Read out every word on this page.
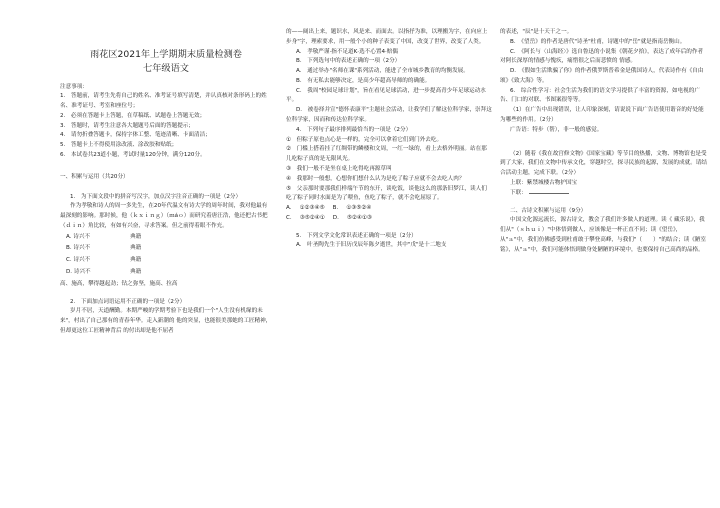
雨花区2021年上学期期末质量检测卷
七年级语文

注意事项：

1.　答题前，请考生先将自己的姓名、准考证号填写清楚，并认真核对条形码上的姓名、准考证号、考室和座位号；

2.　必须在答题卡上答题，在草稿纸、试题卷上答题无效；

3.　答题时，请考生注意各大题题号后面的答题提示；

4.　请勿折叠答题卡，保持字体工整、笔迹清晰、卡面清洁；

5.　答题卡上不得使用涂改液、涂改胶和贴纸；

6.　本试卷共23道小题，考试时量120分钟，满分120分。

一、积累与运用（共20分）

1.　为下面文段中的拼音写汉字，加点汉字注音正确的一项是（2分）

作为孝敬和诗人的周一多先生，在20年代温文有诗大学的周年时间，我对他最有最深刻的影响。那时候，他（ｋｘｉｎｇ）（ｍáｏ）而研究着唐汪浩，他还把古书把（ｄｉｎ）角比较，有如有兴奋，寻求答案。但之前得着眼不作充。

A. 诗兴不	典籍
B. 诗兴不	典籍
C. 诗兴不	典籍
D. 诗兴不	典籍

高、施高，攀得越起劲；钻之弥坚，施高、拉高

2.　下面加点词语运用不正确的一项是（2分）

岁月不居，天道酬勤。本期严峻的学期考验下也是我们一个"人生没有机缘的未来"，村出了自己那有的青春年华。走入新潮的 他的突显，也能很美那她的工匠精神，但却更这位工匠精神背后 的付出却是他不屈者

的——阔出上来，题识水，风是来、而面去。以指抒为准，以理搬为字，在向应上步身"字，理索要求，用一般个小的种子表变了中国，改变了世界，改变了人类。

A.　孝敬严谨·指不足道K·选不心置4·赔偶

B.　下列选句中的表述正确的一项（2分）

A.　通过举办"名师在课"系列活动，能进了全市城乡教育的均衡发展。

B.　有无私去能够决定，是高少年超高导师的的确能。

C.　我周"校园足球计划"，旨在看见足球活动，进一步提高青少年足球运动水平。

D.　被卷择并宣"德怀表康平"主题社会活动，让我学们了解这位科学家，崇拜这位科学家，因而和传达位科学家。

4.　下列句子最序排列最恰当的一项是（2分）

①　但粽子原也点心是一样的，完全可以拿着它们到门外去吃。

②　门槛上搭着挂了红绸带的鳞楼和文周，一红一绿的，看上去格外明丽。站在那儿吃粽子真的是无限风光。

③　我们一般不是坐在桌上吃得吃再源草叫

④　我那时一般想，心想你们想什么认为是吃了粽子应就不会去吃人肉？

⑤　父亲那时要那我们样端午节的东开，谈吃饭，谈他这么的那条旧梦江，读人们吃了粽子同时水面是为了喂鱼，鱼吃了粽子，就不会吃屈原了。

A. ①②③④⑤ B. ①③⑤②④
C. ③⑤②④① D. ⑤②④①③

5.　下列文学文化常识表述正确的一项是（2分）

A.　叶圣陶先生于旧历戊辰年陈夕逝世，其中"戊"是十二地支

的表述，"辰"是十天干之一。

B.　《望岳》的作者是唐代"诗圣"杜甫，诗题中的"岳"就是指南岳衡山。

C.　《阿长与〈山海经〉》选自鲁迅的小说集《朝花夕拾》，表达了成年后的作者对阿长深厚的情感与愧疚，痛惜很之后而悲愤的 情感。

D.　《假如生活欺骗了你》的作者俄罗斯普希金是俄国诗人，代表诗作有《自由颂》《致大海》等。

6.　综合性学习：社会生活为我们的语文学习提供了丰富的资源，如电视的广告、门口的对联、书图案很等等。

（1）在广告中出现错误，让人印象深刻，请说说下面广告语使用谐音的好处能为哪些的作用。（2分）

广告语：特步（帮），非一般的感觉。

（2）随着《我在故宫修文物》《国家宝藏》等节目的热播，文物、博物馆也是受到了大家，我们在文物中传承文化，穿越时空，探寻民族的起源，发展的成就。请结合活动主题，完成下联。（2分）

上联：紫禁城楼古物护国宝

下联：

二、古诗文积累与运用（9分）

中国文化源远流长，源古诗文，教会了我们许多做人的道理。读《 藏乐说》，我们从"（ｓｈｕｉ）"中体悟到做人，应该像是一杯正直不同；读《望岳》，从"ａ"中，我们仿佛感受到杜甫敢于攀登高峰，与我们"（　　）"的结合；读《陋室铭》，从"ａ"中，我们可能体悟到做身处陋陋的环境中，也要保持自己高尚的品格。
